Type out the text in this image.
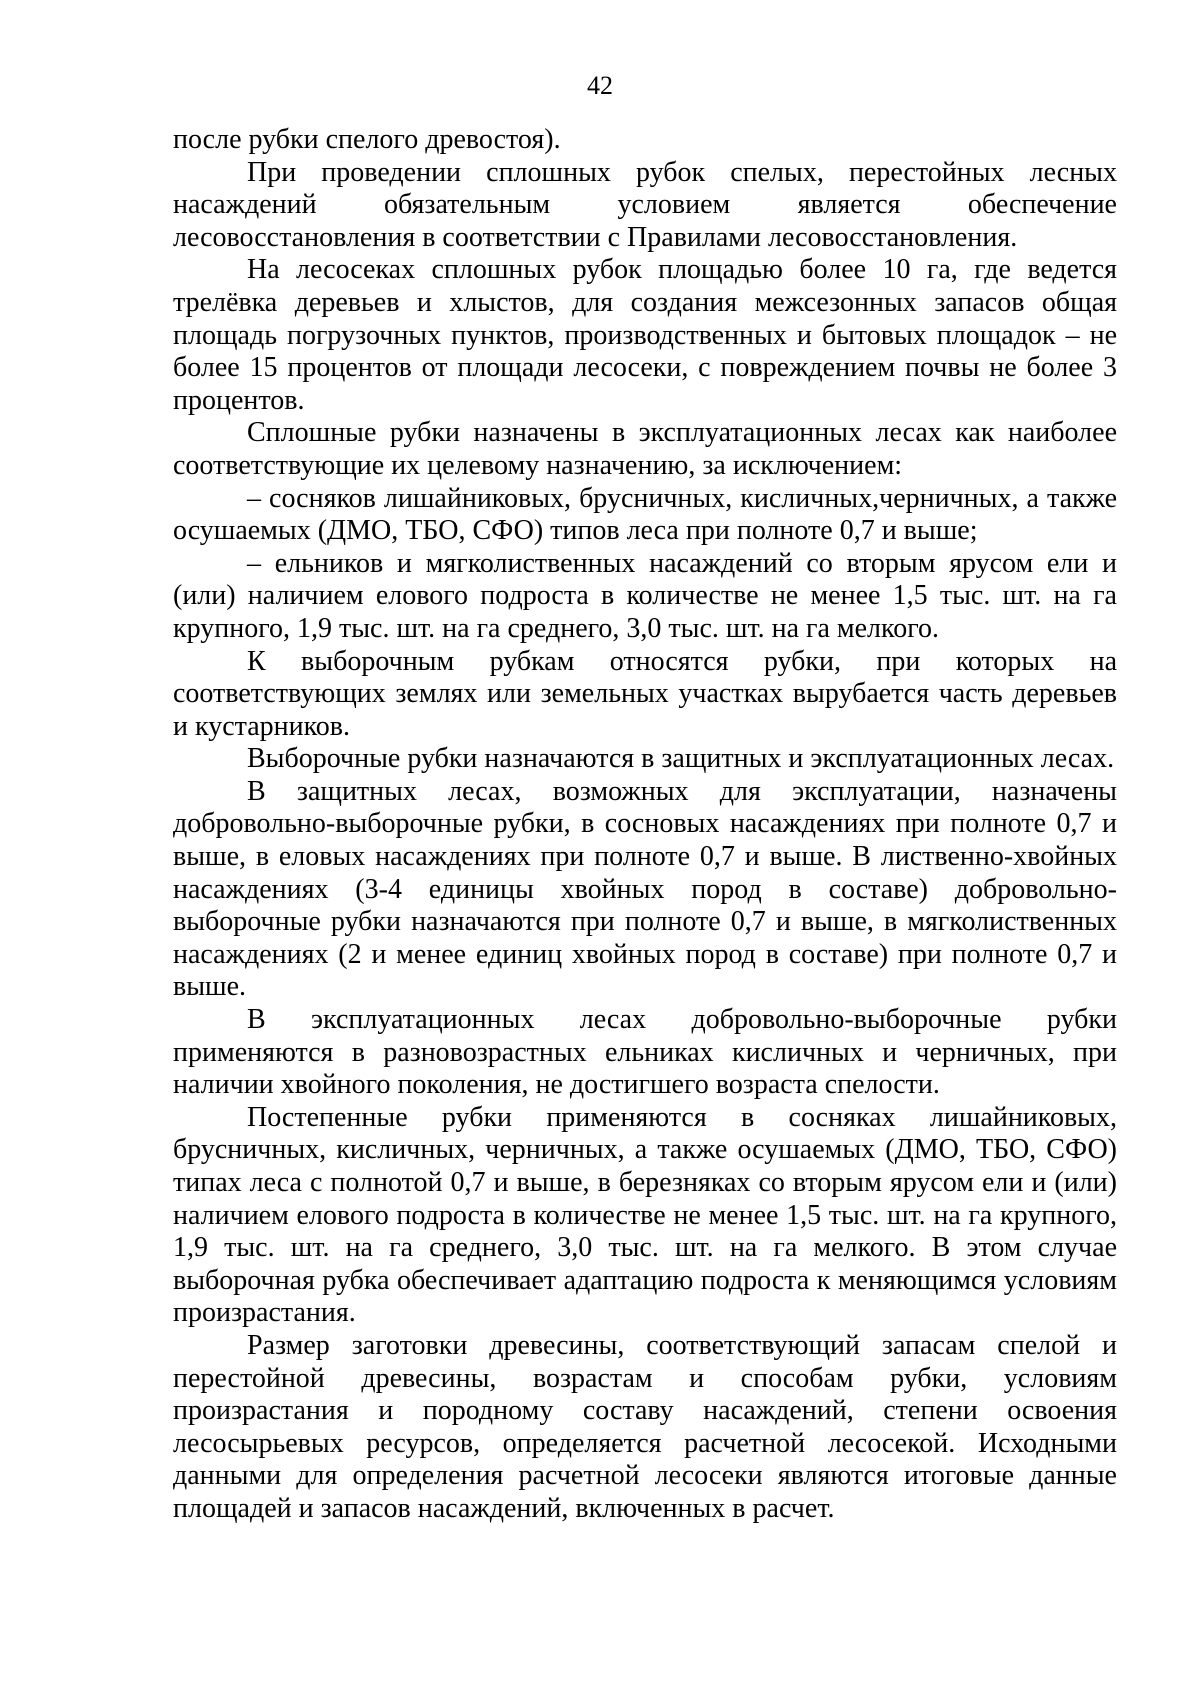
42

после рубки спелого древостоя).

При проведении сплошных рубок спелых, перестойных лесных насаждений обязательным условием является обеспечение лесовосстановления в соответствии с Правилами лесовосстановления.

На лесосеках сплошных рубок площадью более 10 га, где ведется трелёвка деревьев и хлыстов, для создания межсезонных запасов общая площадь погрузочных пунктов, производственных и бытовых площадок – не более 15 процентов от площади лесосеки, с повреждением почвы не более 3 процентов.

Сплошные рубки назначены в эксплуатационных лесах как наиболее соответствующие их целевому назначению, за исключением:

– сосняков лишайниковых, брусничных, кисличных,черничных, а также осушаемых (ДМО, ТБО, СФО) типов леса при полноте 0,7 и выше;

– ельников и мягколиственных насаждений со вторым ярусом ели и (или) наличием елового подроста в количестве не менее 1,5 тыс. шт. на га крупного, 1,9 тыс. шт. на га среднего, 3,0 тыс. шт. на га мелкого.

К выборочным рубкам относятся рубки, при которых на соответствующих землях или земельных участках вырубается часть деревьев и кустарников.

Выборочные рубки назначаются в защитных и эксплуатационных лесах.

В защитных лесах, возможных для эксплуатации, назначены добровольно-выборочные рубки, в сосновых насаждениях при полноте 0,7 и выше, в еловых насаждениях при полноте 0,7 и выше. В лиственно-хвойных насаждениях (3-4 единицы хвойных пород в составе) добровольно-выборочные рубки назначаются при полноте 0,7 и выше, в мягколиственных насаждениях (2 и менее единиц хвойных пород в составе) при полноте 0,7 и выше.

В эксплуатационных лесах добровольно-выборочные рубки применяются в разновозрастных ельниках кисличных и черничных, при наличии хвойного поколения, не достигшего возраста спелости.

Постепенные рубки применяются в сосняках лишайниковых, брусничных, кисличных, черничных, а также осушаемых (ДМО, ТБО, СФО) типах леса с полнотой 0,7 и выше, в березняках со вторым ярусом ели и (или) наличием елового подроста в количестве не менее 1,5 тыс. шт. на га крупного, 1,9 тыс. шт. на га среднего, 3,0 тыс. шт. на га мелкого. В этом случае выборочная рубка обеспечивает адаптацию подроста к меняющимся условиям произрастания.

Размер заготовки древесины, соответствующий запасам спелой и перестойной древесины, возрастам и способам рубки, условиям произрастания и породному составу насаждений, степени освоения лесосырьевых ресурсов, определяется расчетной лесосекой. Исходными данными для определения расчетной лесосеки являются итоговые данные площадей и запасов насаждений, включенных в расчет.
